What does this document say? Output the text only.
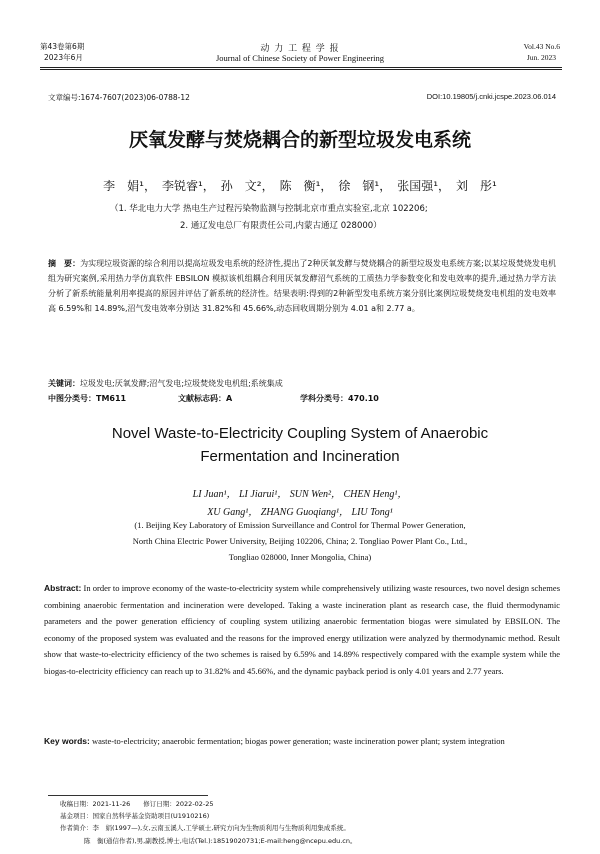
第43卷第6期
2023年6月
动 力 工 程 学 报
Journal of Chinese Society of Power Engineering
Vol.43 No.6
Jun. 2023
文章编号:1674-7607(2023)06-0788-12	DOI:10.19805/j.cnki.jcspe.2023.06.014
厌氧发酵与焚烧耦合的新型垃圾发电系统
李　娟¹，　李锐睿¹，　孙　文²，　陈　衡¹，　徐　钢¹，　张国强¹，　刘　彤¹
（1. 华北电力大学 热电生产过程污染物监测与控制北京市重点实验室,北京 102206;
2. 通辽发电总厂有限责任公司,内蒙古通辽 028000）
摘　要：为实现垃圾资源的综合利用以提高垃圾发电系统的经济性,提出了2种厌氧发酵与焚烧耦合的新型垃圾发电系统方案;以某垃圾焚烧发电机组为研究案例,采用热力学仿真软件 EBSILON 模拟该机组耦合利用厌氧发酵沼气系统的工质热力学参数变化和发电效率的提升,通过热力学方法分析了新系统能量利用率提高的原因并评估了新系统的经济性。结果表明:得到的2种新型发电系统方案分别比案例垃圾焚烧发电机组的发电效率高 6.59%和 14.89%,沼气发电效率分别达 31.82%和 45.66%,动态回收周期分别为 4.01 a和 2.77 a。
关键词：垃圾发电;厌氧发酵;沼气发电;垃圾焚烧发电机组;系统集成
中图分类号：TM611	文献标志码：A	学科分类号：470.10
Novel Waste-to-Electricity Coupling System of Anaerobic
Fermentation and Incineration
LI Juan¹， LI Jiarui¹， SUN Wen²， CHEN Heng¹，
XU Gang¹， ZHANG Guoqiang¹， LIU Tong¹
(1. Beijing Key Laboratory of Emission Surveillance and Control for Thermal Power Generation,
North China Electric Power University, Beijing 102206, China; 2. Tongliao Power Plant Co., Ltd.,
Tongliao 028000, Inner Mongolia, China)
Abstract: In order to improve economy of the waste-to-electricity system while comprehensively utilizing waste resources, two novel design schemes combining anaerobic fermentation and incineration were developed. Taking a waste incineration plant as research case, the fluid thermodynamic parameters and the power generation efficiency of coupling system utilizing anaerobic fermentation biogas were simulated by EBSILON. The economy of the proposed system was evaluated and the reasons for the improved energy utilization were analyzed by thermodynamic method. Result show that waste-to-electricity efficiency of the two schemes is raised by 6.59% and 14.89% respectively compared with the example system while the biogas-to-electricity efficiency can reach up to 31.82% and 45.66%, and the dynamic payback period is only 4.01 years and 2.77 years.
Key words: waste-to-electricity; anaerobic fermentation; biogas power generation; waste incineration power plant; system integration
收稿日期：2021-11-26　　修订日期：2022-02-25
基金项目：国家自然科学基金资助项目(U1910216)
作者简介：李　娟(1997—),女,云南玉溪人,工学硕士,研究方向为生物质利用与生物质利用集成系统。
陈　衡(通信作者),男,副教授,博士,电话(Tel.):18519020731;E-mail:heng@ncepu.edu.cn。
